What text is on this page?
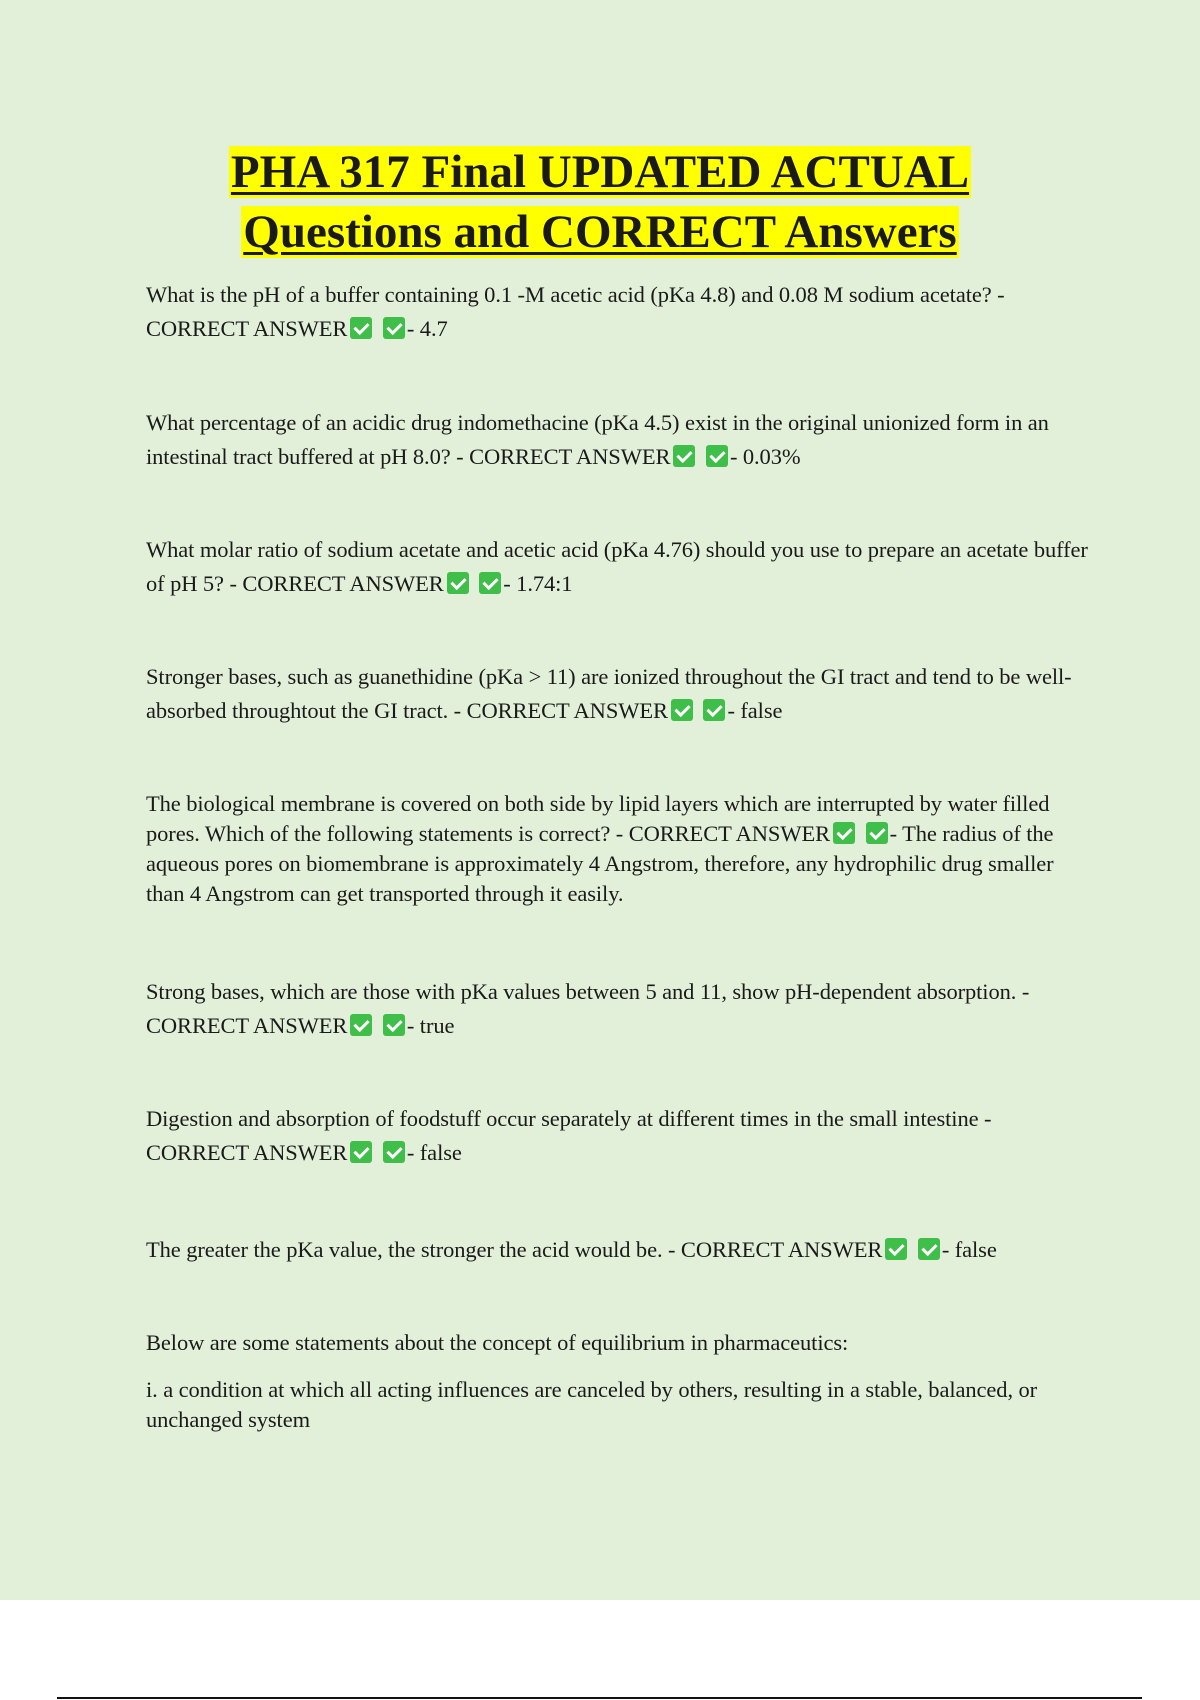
PHA 317 Final UPDATED ACTUAL
Questions and CORRECT Answers

What is the pH of a buffer containing 0.1 -M acetic acid (pKa 4.8) and 0.08 M sodium acetate? - CORRECT ANSWER	- 4.7

What percentage of an acidic drug indomethacine (pKa 4.5) exist in the original unionized form in an intestinal tract buffered at pH 8.0? - CORRECT ANSWER	- 0.03%

What molar ratio of sodium acetate and acetic acid (pKa 4.76) should you use to prepare an acetate buffer of pH 5? - CORRECT ANSWER	- 1.74:1

Stronger bases, such as guanethidine (pKa > 11) are ionized throughout the GI tract and tend to be well-absorbed throughtout the GI tract. - CORRECT ANSWER	- false

The biological membrane is covered on both side by lipid layers which are interrupted by water filled pores. Which of the following statements is correct? - CORRECT ANSWER	- The radius of the aqueous pores on biomembrane is approximately 4 Angstrom, therefore, any hydrophilic drug smaller than 4 Angstrom can get transported through it easily.

Strong bases, which are those with pKa values between 5 and 11, show pH-dependent absorption. - CORRECT ANSWER	- true

Digestion and absorption of foodstuff occur separately at different times in the small intestine - CORRECT ANSWER	- false

The greater the pKa value, the stronger the acid would be. - CORRECT ANSWER	- false

Below are some statements about the concept of equilibrium in pharmaceutics:

i. a condition at which all acting influences are canceled by others, resulting in a stable, balanced, or unchanged system
